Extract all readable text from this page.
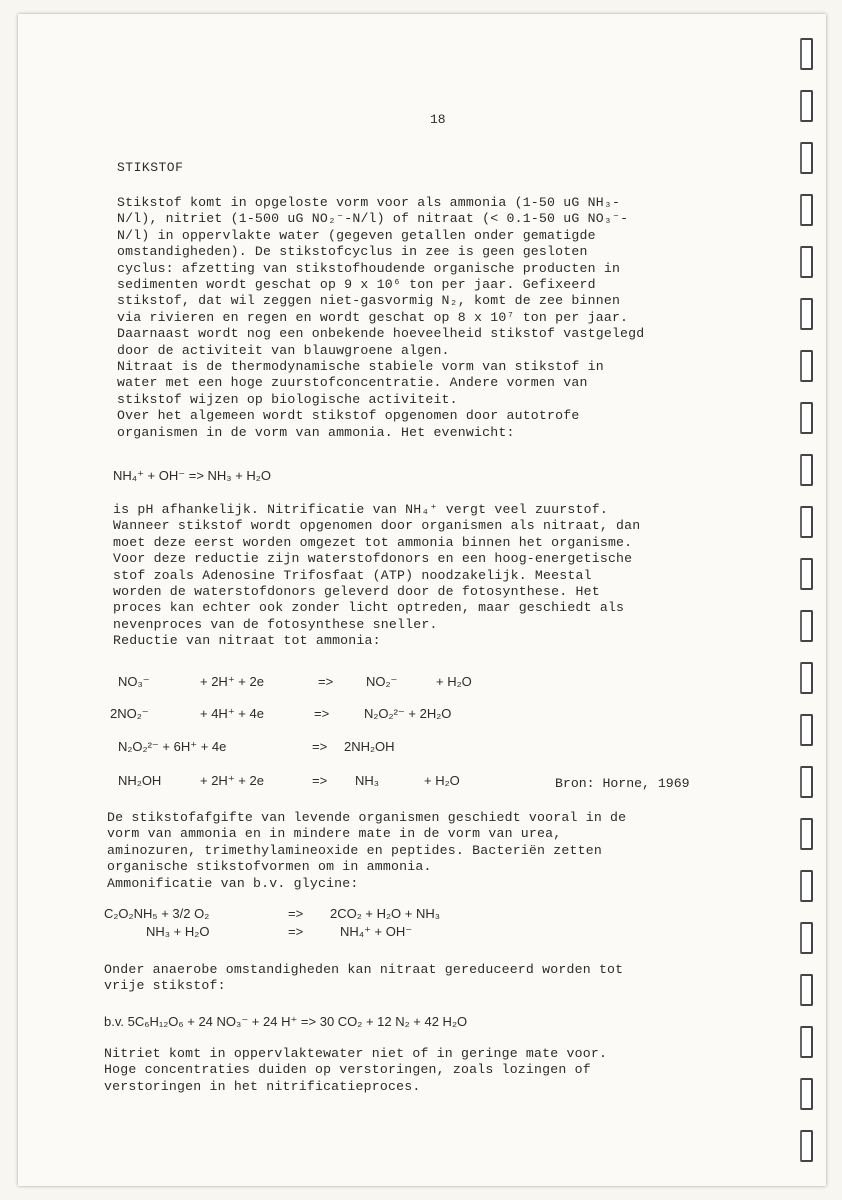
18
STIKSTOF
Stikstof komt in opgeloste vorm voor als ammonia (1-50 uG NH₃-
N/l), nitriet (1-500 uG NO₂⁻-N/l) of nitraat (< 0.1-50 uG NO₃⁻-
N/l) in oppervlakte water (gegeven getallen onder gematigde
omstandigheden). De stikstofcyclus in zee is geen gesloten
cyclus: afzetting van stikstofhoudende organische producten in
sedimenten wordt geschat op 9 x 10⁶ ton per jaar. Gefixeerd
stikstof, dat wil zeggen niet-gasvormig N₂, komt de zee binnen
via rivieren en regen en wordt geschat op 8 x 10⁷ ton per jaar.
Daarnaast wordt nog een onbekende hoeveelheid stikstof vastgelegd
door de activiteit van blauwgroene algen.
Nitraat is de thermodynamische stabiele vorm van stikstof in
water met een hoge zuurstofconcentratie. Andere vormen van
stikstof wijzen op biologische activiteit.
Over het algemeen wordt stikstof opgenomen door autotrofe
organismen in de vorm van ammonia. Het evenwicht:
NH₄⁺ + OH⁻ => NH₃ + H₂O
is pH afhankelijk. Nitrificatie van NH₄⁺ vergt veel zuurstof.
Wanneer stikstof wordt opgenomen door organismen als nitraat, dan
moet deze eerst worden omgezet tot ammonia binnen het organisme.
Voor deze reductie zijn waterstofdonors en een hoog-energetische
stof zoals Adenosine Trifosfaat (ATP) noodzakelijk. Meestal
worden de waterstofdonors geleverd door de fotosynthese. Het
proces kan echter ook zonder licht optreden, maar geschiedt als
nevenproces van de fotosynthese sneller.
Reductie van nitraat tot ammonia:
NO₃⁻	+ 2H⁺ + 2e	=>	NO₂⁻	+ H₂O
2NO₂⁻	+ 4H⁺ + 4e	=>	N₂O₂²⁻ + 2H₂O
N₂O₂²⁻ + 6H⁺ + 4e	=> 2NH₂OH
NH₂OH	+ 2H⁺ + 2e	=> NH₃	+ H₂O	Bron: Horne, 1969
De stikstofafgifte van levende organismen geschiedt vooral in de
vorm van ammonia en in mindere mate in de vorm van urea,
aminozuren, trimethylamineoxide en peptides. Bacteriën zetten
organische stikstofvormen om in ammonia.
Ammonificatie van b.v. glycine:
C₂O₂NH₅ + 3/2 O₂	=> 2CO₂ + H₂O + NH₃
NH₃ + H₂O	=>	NH₄⁺ + OH⁻
Onder anaerobe omstandigheden kan nitraat gereduceerd worden tot
vrije stikstof:
b.v. 5C₆H₁₂O₆ + 24 NO₃⁻ + 24 H⁺ => 30 CO₂ + 12 N₂ + 42 H₂O
Nitriet komt in oppervlaktewater niet of in geringe mate voor.
Hoge concentraties duiden op verstoringen, zoals lozingen of
verstoringen in het nitrificatieproces.
